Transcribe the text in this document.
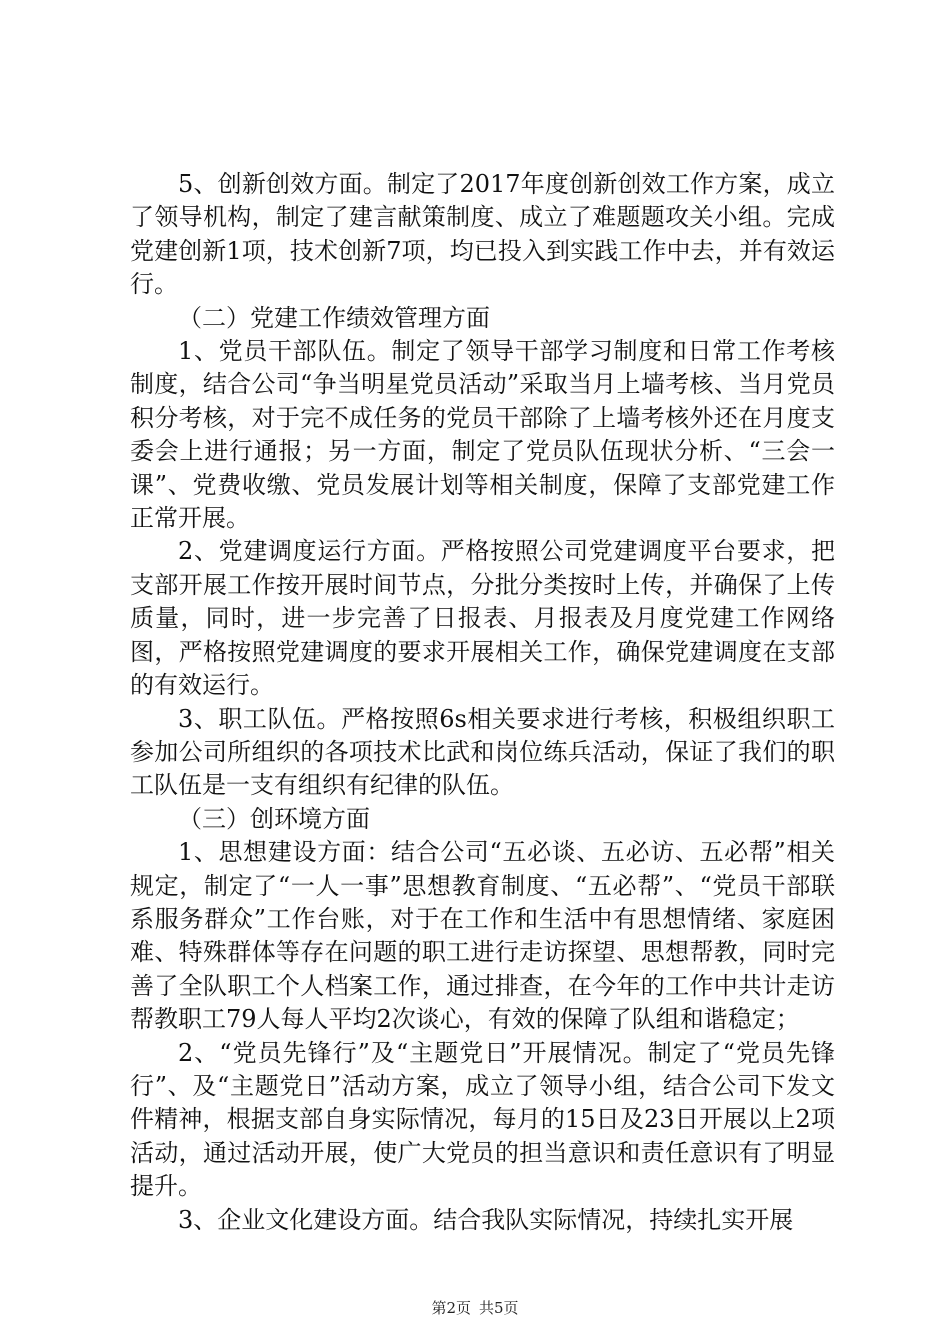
5、创新创效方面。制定了2017年度创新创效工作方案，成立了领导机构，制定了建言献策制度、成立了难题题攻关小组。完成党建创新1项，技术创新7项，均已投入到实践工作中去，并有效运行。

（二）党建工作绩效管理方面

1、党员干部队伍。制定了领导干部学习制度和日常工作考核制度，结合公司“争当明星党员活动”采取当月上墙考核、当月党员积分考核，对于完不成任务的党员干部除了上墙考核外还在月度支委会上进行通报；另一方面，制定了党员队伍现状分析、“三会一课”、党费收缴、党员发展计划等相关制度，保障了支部党建工作正常开展。

2、党建调度运行方面。严格按照公司党建调度平台要求，把支部开展工作按开展时间节点，分批分类按时上传，并确保了上传质量，同时，进一步完善了日报表、月报表及月度党建工作网络图，严格按照党建调度的要求开展相关工作，确保党建调度在支部的有效运行。

3、职工队伍。严格按照6s相关要求进行考核，积极组织职工参加公司所组织的各项技术比武和岗位练兵活动，保证了我们的职工队伍是一支有组织有纪律的队伍。

（三）创环境方面

1、思想建设方面：结合公司“五必谈、五必访、五必帮”相关规定，制定了“一人一事”思想教育制度、“五必帮”、“党员干部联系服务群众”工作台账，对于在工作和生活中有思想情绪、家庭困难、特殊群体等存在问题的职工进行走访探望、思想帮教，同时完善了全队职工个人档案工作，通过排查，在今年的工作中共计走访帮教职工79人每人平均2次谈心，有效的保障了队组和谐稳定；

2、“党员先锋行”及“主题党日”开展情况。制定了“党员先锋行”、及“主题党日”活动方案，成立了领导小组，结合公司下发文件精神，根据支部自身实际情况，每月的15日及23日开展以上2项活动，通过活动开展，使广大党员的担当意识和责任意识有了明显提升。

3、企业文化建设方面。结合我队实际情况，持续扎实开展

第2页 共5页
